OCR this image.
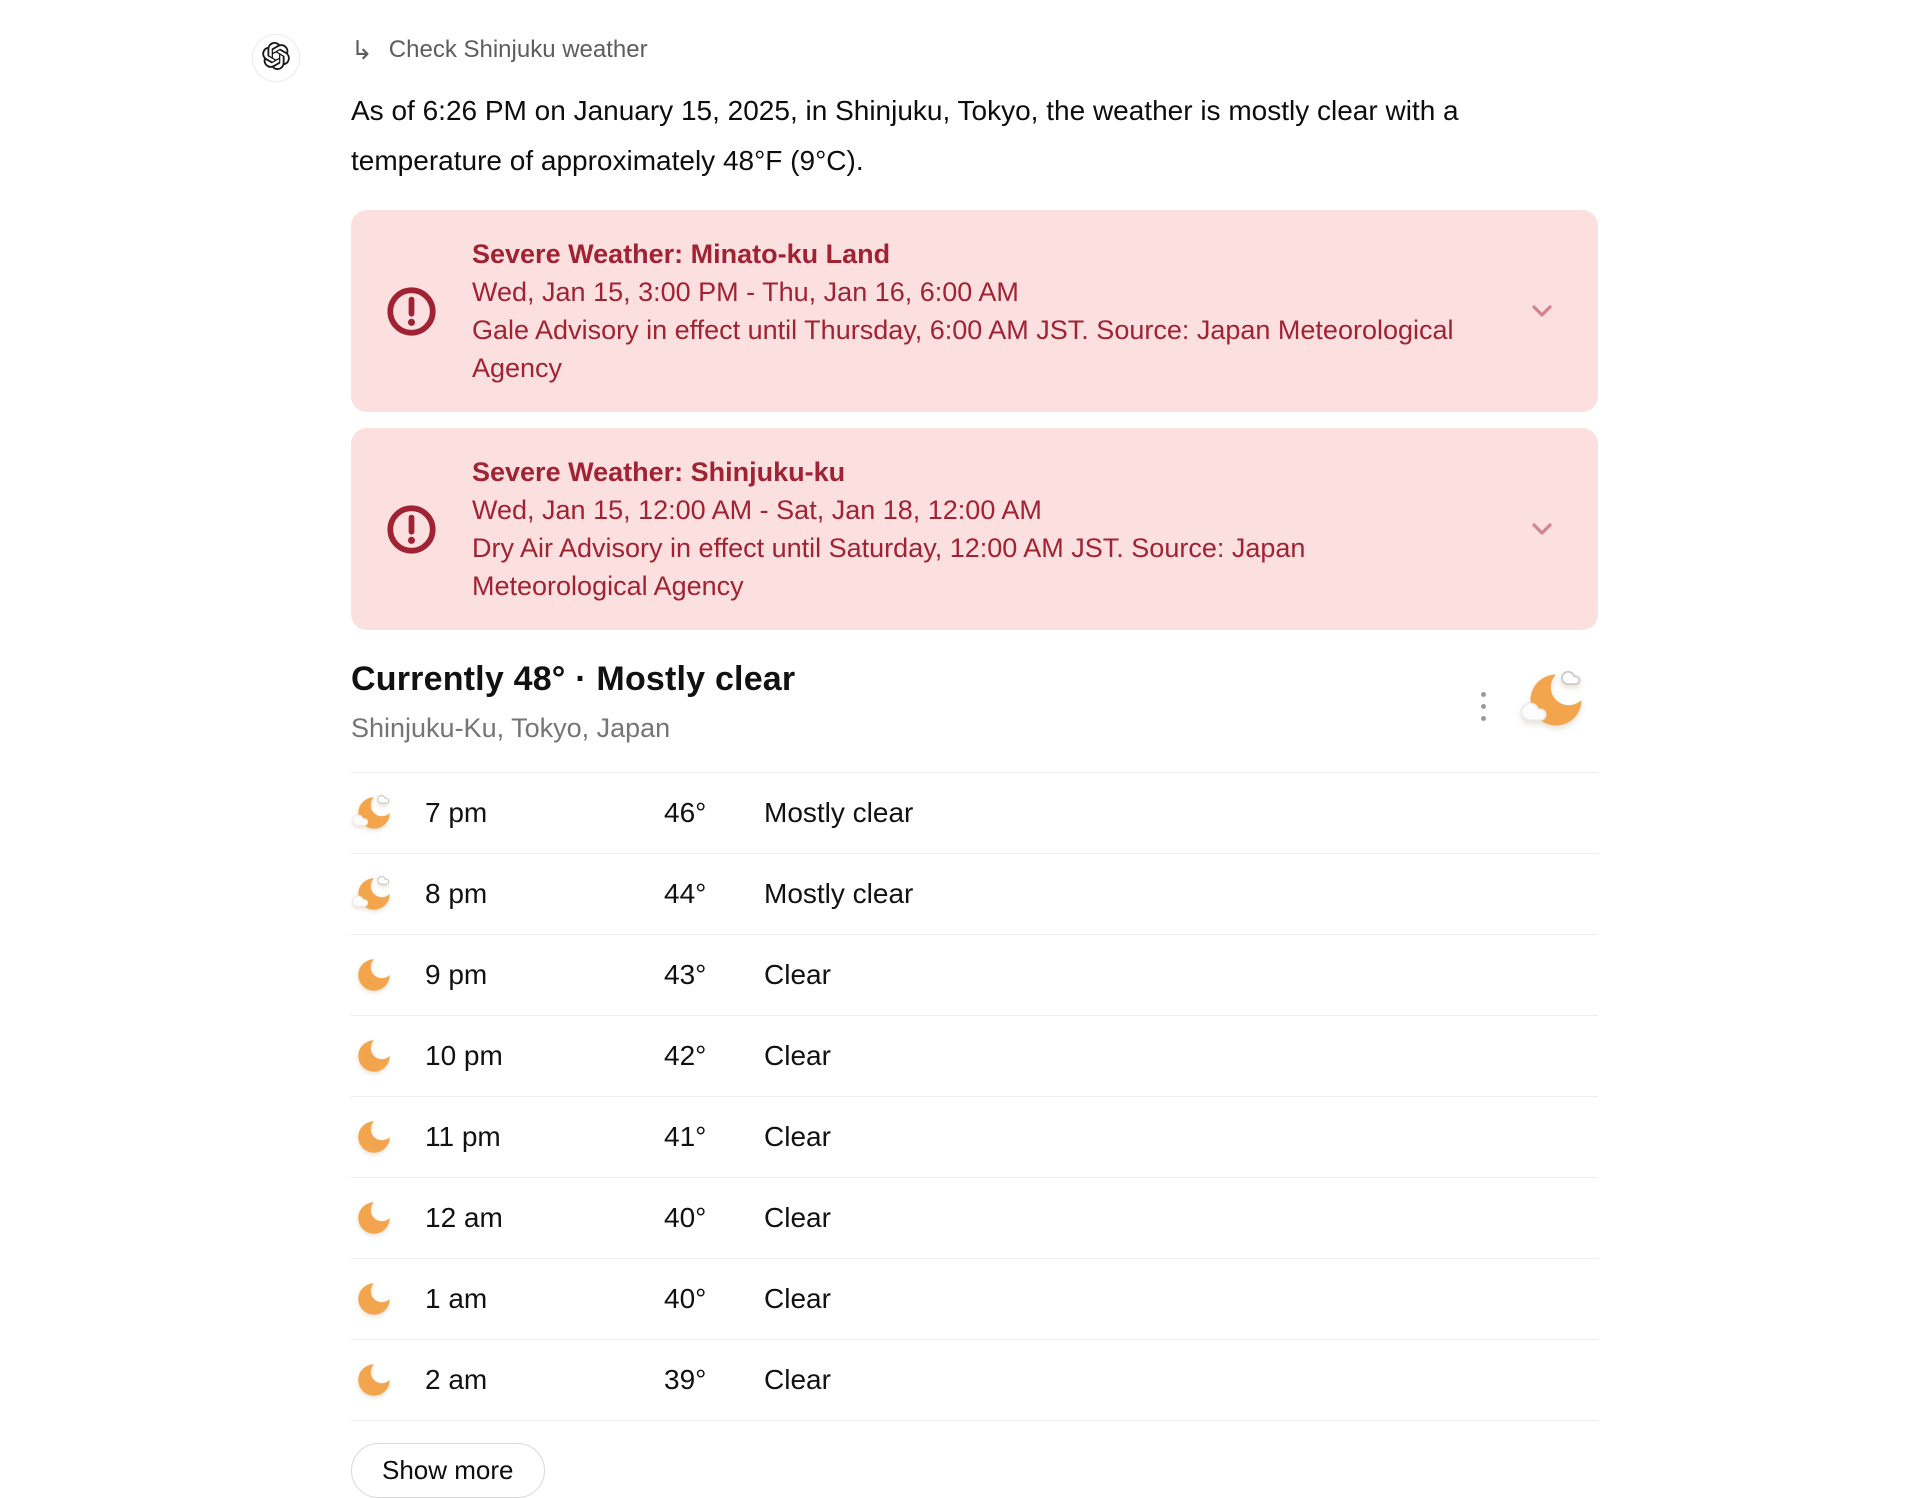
↳ Check Shinjuku weather
As of 6:26 PM on January 15, 2025, in Shinjuku, Tokyo, the weather is mostly clear with a temperature of approximately 48°F (9°C).
Severe Weather: Minato-ku Land
Wed, Jan 15, 3:00 PM - Thu, Jan 16, 6:00 AM
Gale Advisory in effect until Thursday, 6:00 AM JST. Source: Japan Meteorological Agency
Severe Weather: Shinjuku-ku
Wed, Jan 15, 12:00 AM - Sat, Jan 18, 12:00 AM
Dry Air Advisory in effect until Saturday, 12:00 AM JST. Source: Japan Meteorological Agency
Currently 48° · Mostly clear
Shinjuku-Ku, Tokyo, Japan
7 pm	46°	Mostly clear
8 pm	44°	Mostly clear
9 pm	43°	Clear
10 pm	42°	Clear
11 pm	41°	Clear
12 am	40°	Clear
1 am	40°	Clear
2 am	39°	Clear
Show more
